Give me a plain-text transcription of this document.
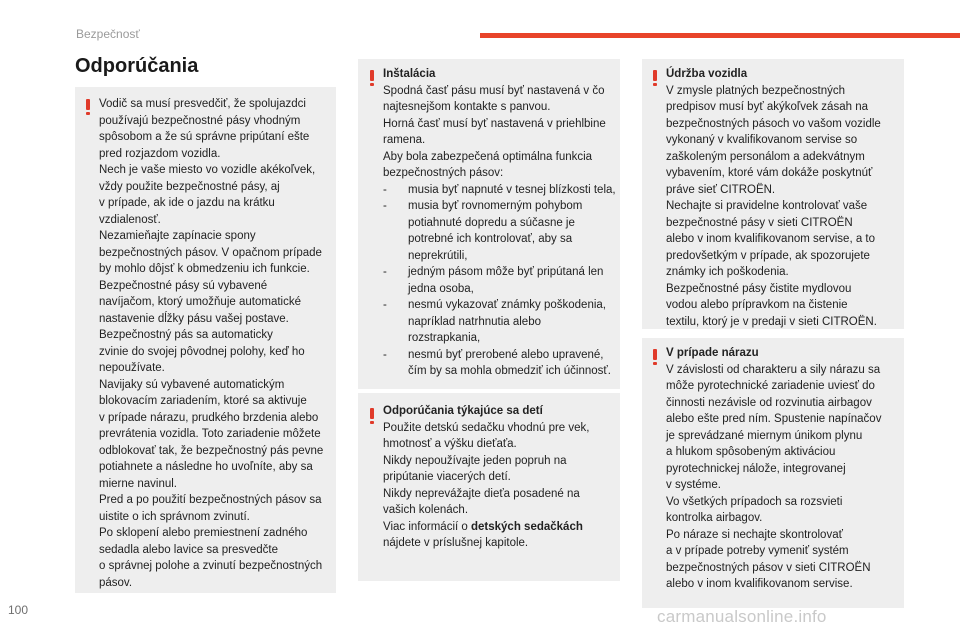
Bezpečnosť
Odporúčania
Vodič sa musí presvedčiť, že spolujazdci
používajú bezpečnostné pásy vhodným
spôsobom a že sú správne pripútaní ešte
pred rozjazdom vozidla.
Nech je vaše miesto vo vozidle akékoľvek,
vždy použite bezpečnostné pásy, aj
v prípade, ak ide o jazdu na krátku
vzdialenosť.
Nezamieňajte zapínacie spony
bezpečnostných pásov. V opačnom prípade
by mohlo dôjsť k obmedzeniu ich funkcie.
Bezpečnostné pásy sú vybavené
navíjačom, ktorý umožňuje automatické
nastavenie dĺžky pásu vašej postave.
Bezpečnostný pás sa automaticky
zvinie do svojej pôvodnej polohy, keď ho
nepoužívate.
Navijaky sú vybavené automatickým
blokovacím zariadením, ktoré sa aktivuje
v prípade nárazu, prudkého brzdenia alebo
prevrátenia vozidla. Toto zariadenie môžete
odblokovať tak, že bezpečnostný pás pevne
potiahnete a následne ho uvoľníte, aby sa
mierne navinul.
Pred a po použití bezpečnostných pásov sa
uistite o ich správnom zvinutí.
Po sklopení alebo premiestnení zadného
sedadla alebo lavice sa presvedčte
o správnej polohe a zvinutí bezpečnostných
pásov.
Inštalácia
Spodná časť pásu musí byť nastavená v čo
najtesnejšom kontakte s panvou.
Horná časť musí byť nastavená v priehlbine
ramena.
Aby bola zabezpečená optimálna funkcia
bezpečnostných pásov:
- musia byť napnuté v tesnej blízkosti tela,
- musia byť rovnomerným pohybom
potiahnuté dopredu a súčasne je
potrebné ich kontrolovať, aby sa
neprekrútili,
- jedným pásom môže byť pripútaná len
jedna osoba,
- nesmú vykazovať známky poškodenia,
napríklad natrhnutia alebo
rozstrapkania,
- nesmú byť prerobené alebo upravené,
čím by sa mohla obmedziť ich účinnosť.
Odporúčania týkajúce sa detí
Použite detskú sedačku vhodnú pre vek,
hmotnosť a výšku dieťaťa.
Nikdy nepoužívajte jeden popruh na
pripútanie viacerých detí.
Nikdy neprevážajte dieťa posadené na
vašich kolenách.
Viac informácií o detských sedačkách
nájdete v príslušnej kapitole.
Údržba vozidla
V zmysle platných bezpečnostných
predpisov musí byť akýkoľvek zásah na
bezpečnostných pásoch vo vašom vozidle
vykonaný v kvalifikovanom servise so
zaškoleným personálom a adekvátnym
vybavením, ktoré vám dokáže poskytnúť
práve sieť CITROËN.
Nechajte si pravidelne kontrolovať vaše
bezpečnostné pásy v sieti CITROËN
alebo v inom kvalifikovanom servise, a to
predovšetkým v prípade, ak spozorujete
známky ich poškodenia.
Bezpečnostné pásy čistite mydlovou
vodou alebo prípravkom na čistenie
textilu, ktorý je v predaji v sieti CITROËN.
V prípade nárazu
V závislosti od charakteru a sily nárazu sa
môže pyrotechnické zariadenie uviesť do
činnosti nezávisle od rozvinutia airbagov
alebo ešte pred ním. Spustenie napínačov
je sprevádzané miernym únikom plynu
a hlukom spôsobeným aktiváciou
pyrotechnickej nálože, integrovanej
v systéme.
Vo všetkých prípadoch sa rozsvieti
kontrolka airbagov.
Po náraze si nechajte skontrolovať
a v prípade potreby vymeniť systém
bezpečnostných pásov v sieti CITROËN
alebo v inom kvalifikovanom servise.
100	carmanualsonline.info
